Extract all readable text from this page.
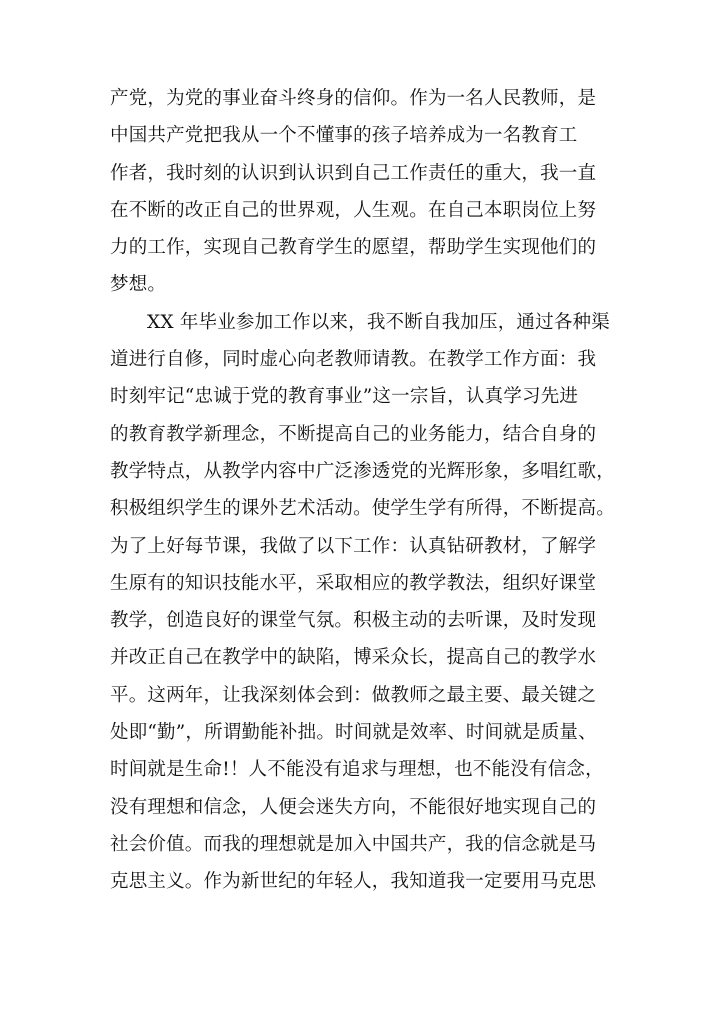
产党，为党的事业奋斗终身的信仰。作为一名人民教师，是
中国共产党把我从一个不懂事的孩子培养成为一名教育工
作者，我时刻的认识到认识到自己工作责任的重大，我一直
在不断的改正自己的世界观，人生观。在自己本职岗位上努
力的工作，实现自己教育学生的愿望，帮助学生实现他们的
梦想。
XX 年毕业参加工作以来，我不断自我加压，通过各种渠
道进行自修，同时虚心向老教师请教。在教学工作方面：我
时刻牢记“忠诚于党的教育事业”这一宗旨，认真学习先进
的教育教学新理念，不断提高自己的业务能力，结合自身的
教学特点，从教学内容中广泛渗透党的光辉形象，多唱红歌，
积极组织学生的课外艺术活动。使学生学有所得，不断提高。
为了上好每节课，我做了以下工作：认真钻研教材，了解学
生原有的知识技能水平，采取相应的教学教法，组织好课堂
教学，创造良好的课堂气氛。积极主动的去听课，及时发现
并改正自己在教学中的缺陷，博采众长，提高自己的教学水
平。这两年，让我深刻体会到：做教师之最主要、最关键之
处即“勤”，所谓勤能补拙。时间就是效率、时间就是质量、
时间就是生命!！人不能没有追求与理想，也不能没有信念，
没有理想和信念，人便会迷失方向，不能很好地实现自己的
社会价值。而我的理想就是加入中国共产，我的信念就是马
克思主义。作为新世纪的年轻人，我知道我一定要用马克思
